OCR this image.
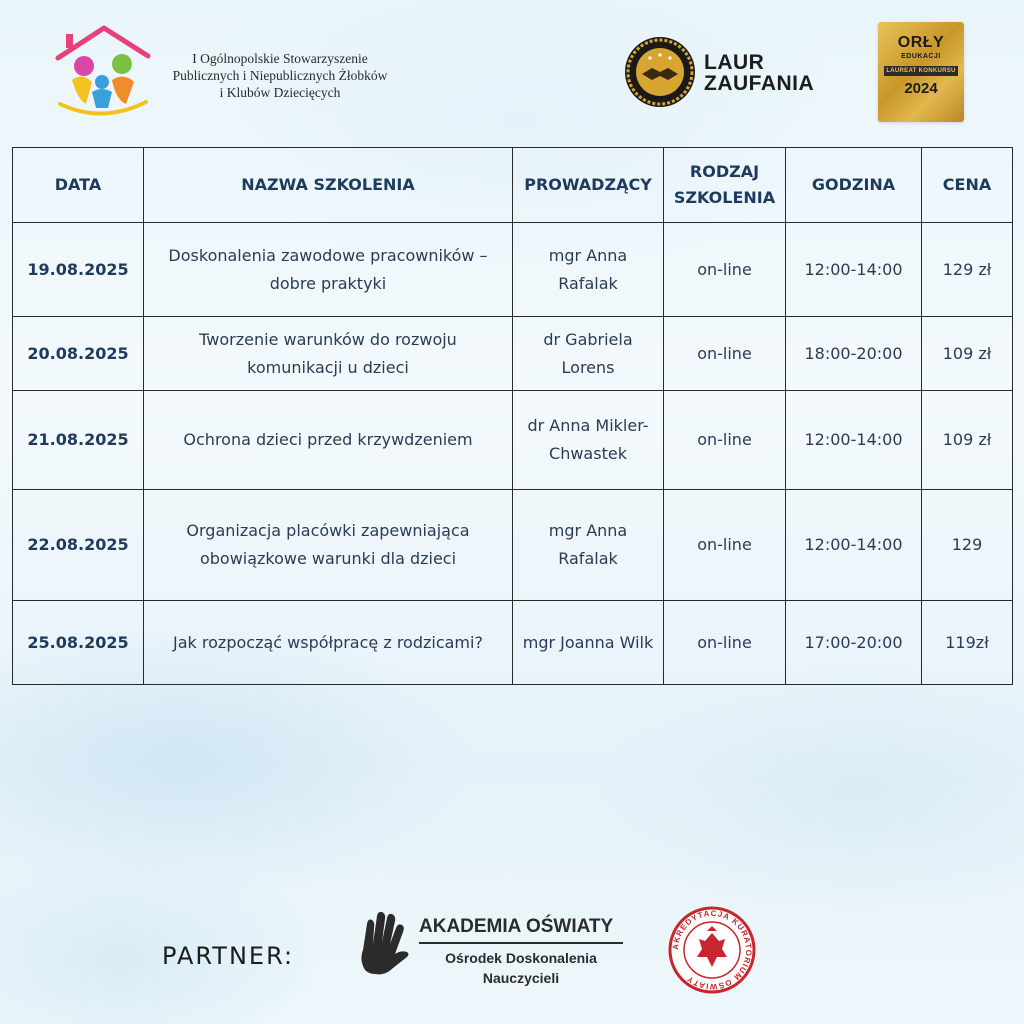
I Ogólnopolskie Stowarzyszenie
Publicznych i Niepublicznych Żłobków
i Klubów Dziecięcych
LAUR
ZAUFANIA
ORŁY
EDUKACJI
LAUREAT KONKURSU
2024
DATA	NAZWA SZKOLENIA	PROWADZĄCY	RODZAJ SZKOLENIA	GODZINA	CENA
19.08.2025	Doskonalenia zawodowe pracowników – dobre praktyki	mgr Anna Rafalak	on-line	12:00-14:00	129 zł
20.08.2025	Tworzenie warunków do rozwoju komunikacji u dzieci	dr Gabriela Lorens	on-line	18:00-20:00	109 zł
21.08.2025	Ochrona dzieci przed krzywdzeniem	dr Anna Mikler-Chwastek	on-line	12:00-14:00	109 zł
22.08.2025	Organizacja placówki zapewniająca obowiązkowe warunki dla dzieci	mgr Anna Rafalak	on-line	12:00-14:00	129
25.08.2025	Jak rozpocząć współpracę z rodzicami?	mgr Joanna Wilk	on-line	17:00-20:00	119zł
PARTNER:
AKADEMIA OŚWIATY
Ośrodek Doskonalenia
Nauczycieli
AKREDYTACJA KURATORIUM OŚWIATY
